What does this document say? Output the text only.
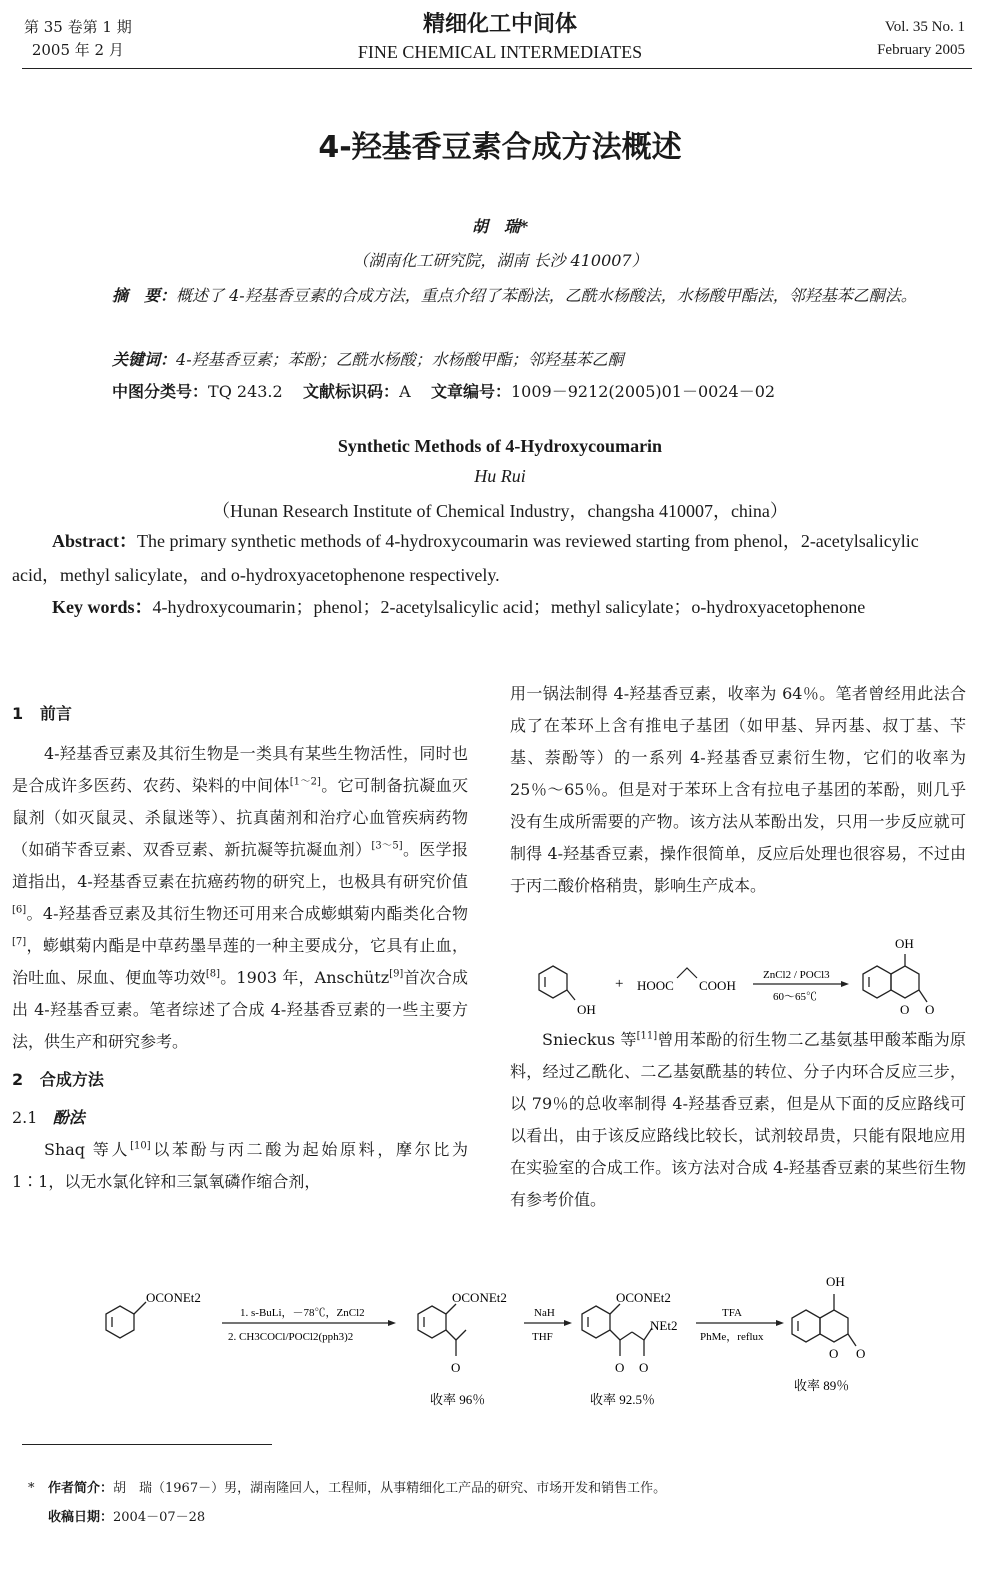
第 35 卷第 1 期
2005 年 2 月
精细化工中间体
FINE CHEMICAL INTERMEDIATES
Vol. 35 No. 1
February 2005
4-羟基香豆素合成方法概述
胡　瑞*
（湖南化工研究院，湖南 长沙 410007）
摘　要：概述了 4-羟基香豆素的合成方法，重点介绍了苯酚法，乙酰水杨酸法，水杨酸甲酯法，邻羟基苯乙酮法。
关键词：4-羟基香豆素；苯酚；乙酰水杨酸；水杨酸甲酯；邻羟基苯乙酮
中图分类号：TQ 243.2 文献标识码：A 文章编号：1009－9212(2005)01－0024－02
Synthetic Methods of 4-Hydroxycoumarin
Hu Rui
（Hunan Research Institute of Chemical Industry，changsha 410007，china）
Abstract：The primary synthetic methods of 4-hydroxycoumarin was reviewed starting from phenol，2-acetylsalicylic acid，methyl salicylate，and o-hydroxyacetophenone respectively.
Key words：4-hydroxycoumarin；phenol；2-acetylsalicylic acid；methyl salicylate；o-hydroxyacetophenone
1 前言

4-羟基香豆素及其衍生物是一类具有某些生物活性，同时也是合成许多医药、农药、染料的中间体[1～2]。它可制备抗凝血灭鼠剂（如灭鼠灵、杀鼠迷等）、抗真菌剂和治疗心血管疾病药物（如硝苄香豆素、双香豆素、新抗凝等抗凝血剂）[3～5]。医学报道指出，4-羟基香豆素在抗癌药物的研究上，也极具有研究价值[6]。4-羟基香豆素及其衍生物还可用来合成蟛蜞菊内酯类化合物[7]，蟛蜞菊内酯是中草药墨旱莲的一种主要成分，它具有止血，治吐血、尿血、便血等功效[8]。1903 年，Anschütz[9]首次合成出 4-羟基香豆素。笔者综述了合成 4-羟基香豆素的一些主要方法，供生产和研究参考。

2 合成方法
2.1 酚法

Shaq 等人[10]以苯酚与丙二酸为起始原料，摩尔比为 1∶1，以无水氯化锌和三氯氧磷作缩合剂，

用一锅法制得 4-羟基香豆素，收率为 64％。笔者曾经用此法合成了在苯环上含有推电子基团（如甲基、异丙基、叔丁基、苄基、萘酚等）的一系列 4-羟基香豆素衍生物，它们的收率为 25％～65％。但是对于苯环上含有拉电子基团的苯酚，则几乎没有生成所需要的产物。该方法从苯酚出发，只用一步反应就可制得 4-羟基香豆素，操作很简单，反应后处理也很容易，不过由于丙二酸价格稍贵，影响生产成本。

OH
+ HOOC COOH
ZnCl2 / POCl3
60～65℃
OH
O O

Snieckus 等[11]曾用苯酚的衍生物二乙基氨基甲酸苯酯为原料，经过乙酰化、二乙基氨酰基的转位、分子内环合反应三步，以 79％的总收率制得 4-羟基香豆素，但是从下面的反应路线可以看出，由于该反应路线比较长，试剂较昂贵，只能有限地应用在实验室的合成工作。该方法对合成 4-羟基香豆素的某些衍生物有参考价值。

OCONEt2
1. s-BuLi，－78℃，ZnCl2
2. CH3COCl/POCl2(pph3)2
OCONEt2
O
NaH
THF
OCONEt2
NEt2
O O
TFA
PhMe，reflux
OH
O O
收率 96％	收率 92.5％
收率 89％
* 作者简介：胡　瑞（1967－）男，湖南隆回人，工程师，从事精细化工产品的研究、市场开发和销售工作。
收稿日期：2004－07－28
